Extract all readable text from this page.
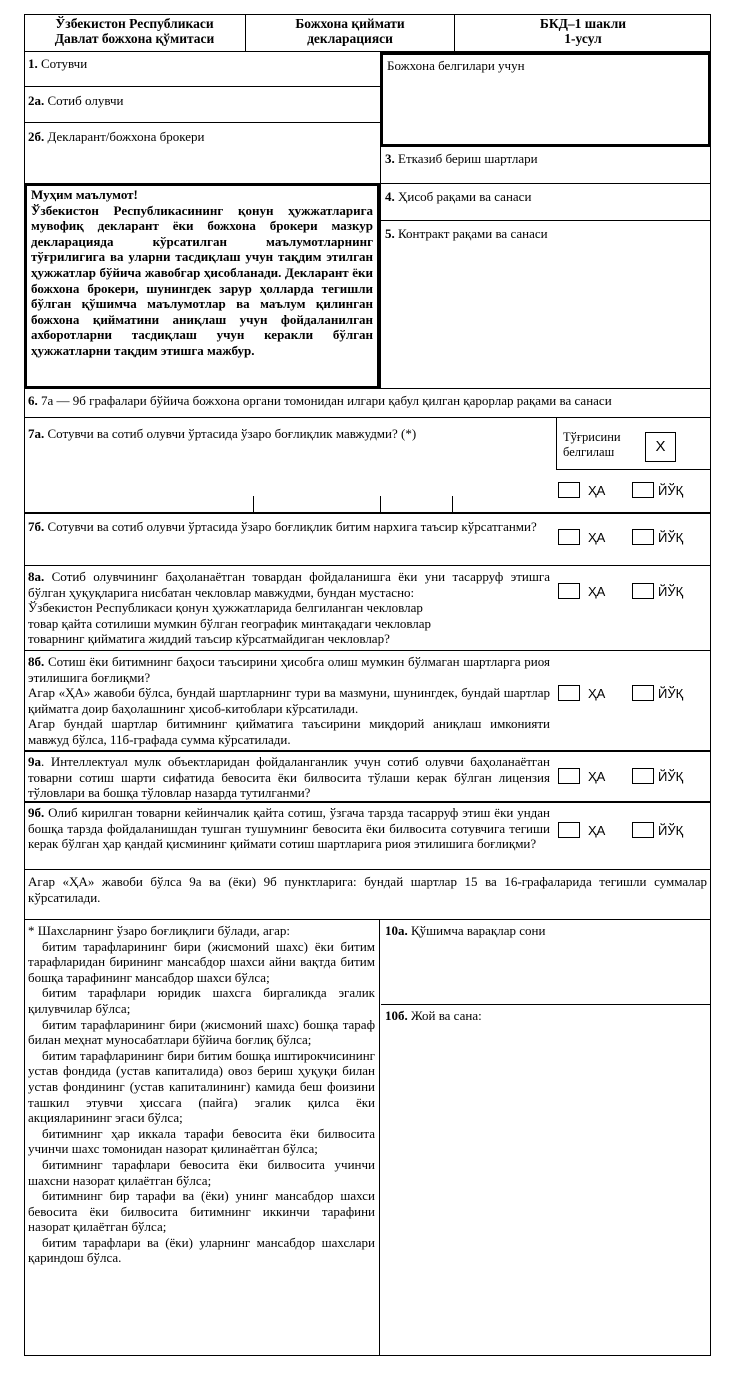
Ўзбекистон Республикаси
Давлат божхона қўмитаси
Божхона қиймати
декларацияси
БКД–1 шакли
1-усул
1. Сотувчи
2а. Сотиб олувчи
2б. Декларант/божхона брокери
Божхона белгилари учун
3. Етказиб бериш шартлари
4. Ҳисоб рақами ва санаси
5. Контракт рақами ва санаси
Муҳим маълумот!
Ўзбекистон Республикасининг қонун ҳужжатларига мувофиқ декларант ёки божхона брокери мазкур декларацияда кўрсатилган маълумотларнинг тўғрилигига ва уларни тасдиқлаш учун тақдим этилган ҳужжатлар бўйича жавобгар ҳисобланади. Декларант ёки божхона брокери, шунингдек зарур ҳолларда тегишли бўлган қўшимча маълумотлар ва маълум қилинган божхона қийматини аниқлаш учун фойдаланилган ахборотларни тасдиқлаш учун керакли бўлган ҳужжатларни тақдим этишга мажбур.
6. 7а — 9б графалари бўйича божхона органи томонидан илгари қабул қилган қарорлар рақами ва санаси
7а. Сотувчи ва сотиб олувчи ўртасида ўзаро боғлиқлик мавжудми? (*)	Тўғрисини белгилаш	X
ҲА	ЙЎҚ
7б. Сотувчи ва сотиб олувчи ўртасида ўзаро боғлиқлик битим нархига таъсир кўрсатганми?
ҲА	ЙЎҚ
8а. Сотиб олувчининг баҳоланаётган товардан фойдаланишга ёки уни тасарруф этишга бўлган ҳуқуқларига нисбатан чекловлар мавжудми, бундан мустасно:
Ўзбекистон Республикаси қонун ҳужжатларида белгиланган чекловлар
товар қайта сотилиши мумкин бўлган географик минтақадаги чекловлар
товарнинг қийматига жиддий таъсир кўрсатмайдиган чекловлар?
ҲА	ЙЎҚ
8б. Сотиш ёки битимнинг баҳоси таъсирини ҳисобга олиш мумкин бўлмаган шартларга риоя этилишига боғлиқми?
Агар «ҲА» жавоби бўлса, бундай шартларнинг тури ва мазмуни, шунингдек, бундай шартлар қийматга доир баҳолашнинг ҳисоб-китоблари кўрсатилади.
Агар бундай шартлар битимнинг қийматига таъсирини миқдорий аниқлаш имконияти мавжуд бўлса, 11б-графада сумма кўрсатилади.
ҲА	ЙЎҚ
9а. Интеллектуал мулк объектларидан фойдаланганлик учун сотиб олувчи баҳоланаётган товарни сотиш шарти сифатида бевосита ёки билвосита тўлаши керак бўлган лицензия тўловлари ва бошқа тўловлар назарда тутилганми?
ҲА	ЙЎҚ
9б. Олиб кирилган товарни кейинчалик қайта сотиш, ўзгача тарзда тасарруф этиш ёки ундан бошқа тарзда фойдаланишдан тушган тушумнинг бевосита ёки билвосита сотувчига тегиши керак бўлган ҳар қандай қисмининг қиймати сотиш шартларига риоя этилишига боғлиқми?
ҲА	ЙЎҚ
Агар «ҲА» жавоби бўлса 9а ва (ёки) 9б пунктларига: бундай шартлар 15 ва 16-графаларида тегишли суммалар кўрсатилади.

* Шахсларнинг ўзаро боғлиқлиги бўлади, агар:

битим тарафларининг бири (жисмоний шахс) ёки битим тарафларидан бирининг мансабдор шахси айни вақтда битим бошқа тарафининг мансабдор шахси бўлса;

битим тарафлари юридик шахсга биргаликда эгалик қилувчилар бўлса;

битим тарафларининг бири (жисмоний шахс) бошқа тараф билан меҳнат муносабатлари бўйича боғлиқ бўлса;

битим тарафларининг бири битим бошқа иштирокчисининг устав фондида (устав капиталида) овоз бериш ҳуқуқи билан устав фондининг (устав капиталининг) камида беш фоизини ташкил этувчи ҳиссага (пайга) эгалик қилса ёки акцияларининг эгаси бўлса;

битимнинг ҳар иккала тарафи бевосита ёки билвосита учинчи шахс томонидан назорат қилинаётган бўлса;

битимнинг тарафлари бевосита ёки билвосита учинчи шахсни назорат қилаётган бўлса;

битимнинг бир тарафи ва (ёки) унинг мансабдор шахси бевосита ёки билвосита битимнинг иккинчи тарафини назорат қилаётган бўлса;

битим тарафлари ва (ёки) уларнинг мансабдор шахслари қариндош бўлса.

10а. Қўшимча варақлар сони
10б. Жой ва сана:
